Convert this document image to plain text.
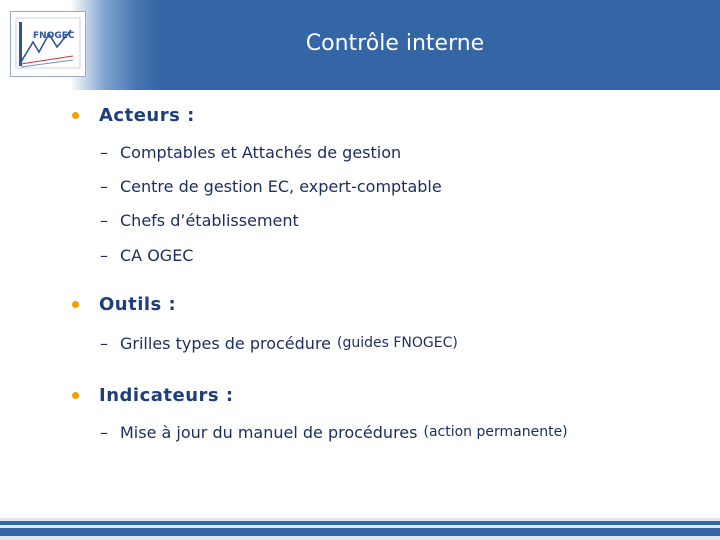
FNOGEC	Contrôle interne
Acteurs :
– Comptables et Attachés de gestion
– Centre de gestion EC, expert-comptable
– Chefs d’établissement
– CA OGEC
Outils :
– Grilles types de procédure (guides FNOGEC)
Indicateurs :
– Mise à jour du manuel de procédures (action permanente)
